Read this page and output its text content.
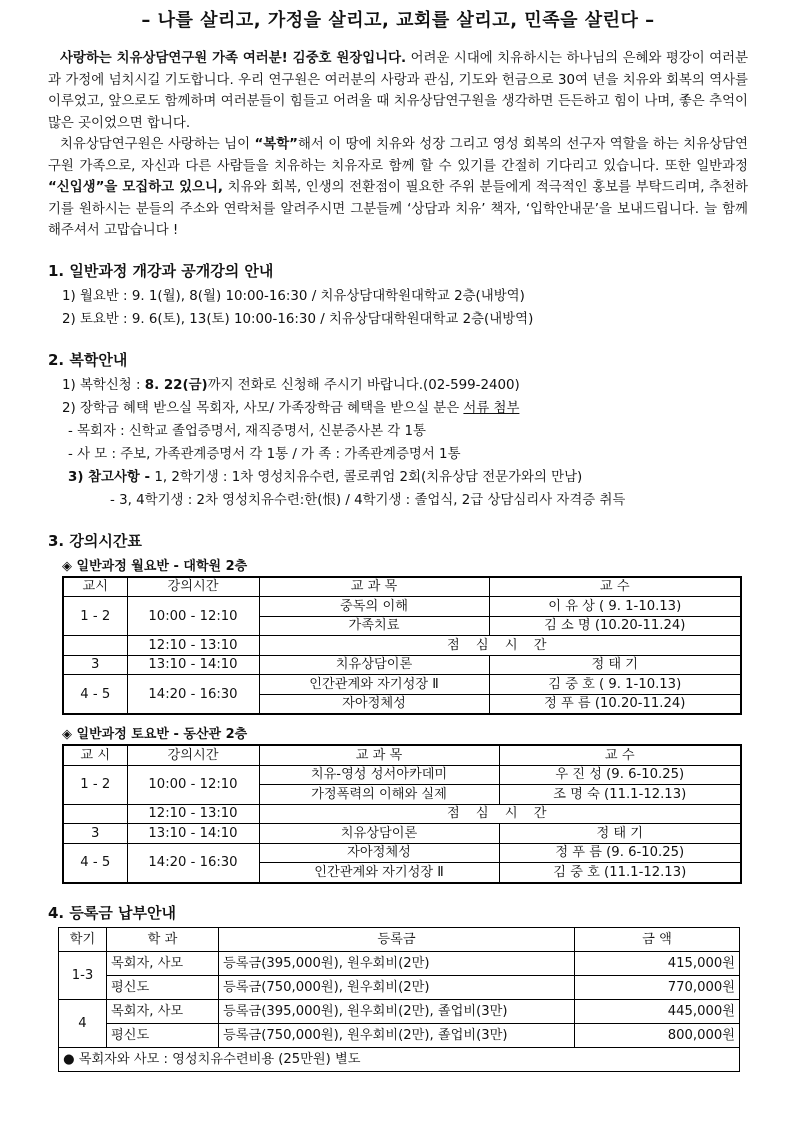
– 나를 살리고, 가정을 살리고, 교회를 살리고, 민족을 살린다 –

사랑하는 치유상담연구원 가족 여러분! 김중호 원장입니다. 어려운 시대에 치유하시는 하나님의 은혜와 평강이 여러분과 가정에 넘치시길 기도합니다. 우리 연구원은 여러분의 사랑과 관심, 기도와 헌금으로 30여 년을 치유와 회복의 역사를 이루었고, 앞으로도 함께하며 여러분들이 힘들고 어려울 때 치유상담연구원을 생각하면 든든하고 힘이 나며, 좋은 추억이 많은 곳이었으면 합니다.

치유상담연구원은 사랑하는 님이 “복학”해서 이 땅에 치유와 성장 그리고 영성 회복의 선구자 역할을 하는 치유상담연구원 가족으로, 자신과 다른 사람들을 치유하는 치유자로 함께 할 수 있기를 간절히 기다리고 있습니다. 또한 일반과정 “신입생”을 모집하고 있으니, 치유와 회복, 인생의 전환점이 필요한 주위 분들에게 적극적인 홍보를 부탁드리며, 추천하기를 원하시는 분들의 주소와 연락처를 알려주시면 그분들께 ‘상담과 치유’ 책자, ‘입학안내문’을 보내드립니다. 늘 함께 해주셔서 고맙습니다 !

1. 일반과정 개강과 공개강의 안내

1) 월요반 : 9. 1(월), 8(월) 10:00-16:30 / 치유상담대학원대학교 2층(내방역)

2) 토요반 : 9. 6(토), 13(토) 10:00-16:30 / 치유상담대학원대학교 2층(내방역)

2. 복학안내

1) 복학신청 : 8. 22(금)까지 전화로 신청해 주시기 바랍니다.(02-599-2400)

2) 장학금 혜택 받으실 목회자, 사모/ 가족장학금 혜택을 받으실 분은 서류 첨부

- 목회자 : 신학교 졸업증명서, 재직증명서, 신분증사본 각 1통

- 사 모 : 주보, 가족관계증명서 각 1통 / 가 족 : 가족관계증명서 1통

3) 참고사항 - 1, 2학기생 : 1차 영성치유수련, 콜로퀴엄 2회(치유상담 전문가와의 만남)

- 3, 4학기생 : 2차 영성치유수련:한(恨) / 4학기생 : 졸업식, 2급 상담심리사 자격증 취득

3. 강의시간표
◈ 일반과정 월요반 - 대학원 2층
교시	강의시간	교 과 목	교 수
1 - 2	10:00 - 12:10	중독의 이해	이 유 상 ( 9. 1-10.13)
		가족치료	김 소 명 (10.20-11.24)
	12:10 - 13:10	점 심 시 간	
3	13:10 - 14:10	치유상담이론	정 태 기
4 - 5	14:20 - 16:30	인간관계와 자기성장 Ⅱ	김 중 호 ( 9. 1-10.13)
		자아정체성	정 푸 름 (10.20-11.24)
◈ 일반과정 토요반 - 동산관 2층
교 시	강의시간	교 과 목	교 수
1 - 2	10:00 - 12:10	치유-영성 성서아카데미	우 진 성 (9. 6-10.25)
		가정폭력의 이해와 실제	조 명 숙 (11.1-12.13)
	12:10 - 13:10	점 심 시 간	
3	13:10 - 14:10	치유상담이론	정 태 기
4 - 5	14:20 - 16:30	자아정체성	정 푸 름 (9. 6-10.25)
		인간관계와 자기성장 Ⅱ	김 중 호 (11.1-12.13)
4. 등록금 납부안내
학기	학 과	등록금	금 액
1-3	목회자, 사모	등록금(395,000원), 원우회비(2만)	415,000원
	평신도	등록금(750,000원), 원우회비(2만)	770,000원
4	목회자, 사모	등록금(395,000원), 원우회비(2만), 졸업비(3만)	445,000원
	평신도	등록금(750,000원), 원우회비(2만), 졸업비(3만)	800,000원
● 목회자와 사모 : 영성치유수련비용 (25만원) 별도			
